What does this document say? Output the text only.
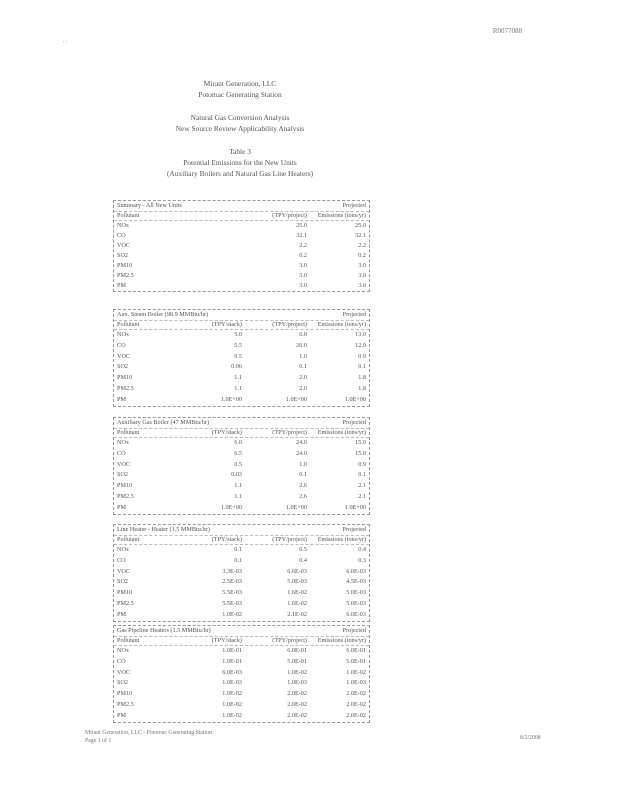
R0077088
' '
Mirant Generation, LLC
Potomac Generating Station
Natural Gas Conversion Analysis
New Source Review Applicability Analysis
Table 3
Potential Emissions for the New Units
(Auxiliary Boilers and Natural Gas Line Heaters)
Summary - All New Units	Projected
Pollutant	(TPY/project)	Emissions (tons/yr)
NOx	25.0	25.0
CO	32.1	32.1
VOC	2.2	2.2
SO2	0.2	0.2
PM10	3.0	3.0
PM2.5	3.0	3.0
PM	3.0	3.0
Aux. Steam Boiler (98.9 MMBtu/hr)	Projected
Pollutant	(TPY/stack)	(TPY/project)	Emissions (tons/yr)
NOx	5.0	6.0	13.0
CO	5.5	20.0	12.9
VOC	0.5	1.0	0.9
SO2	0.06	0.1	0.1
PM10	1.1	2.0	1.8
PM2.5	1.1	2.0	1.8
PM	1.0E+00	1.0E+00	1.0E+00
Auxiliary Gas Boiler (47 MMBtu/hr)	Projected
Pollutant	(TPY/stack)	(TPY/project)	Emissions (tons/yr)
NOx	6.0	24.0	15.0
CO	6.5	24.0	15.0
VOC	0.5	1.0	0.9
SO2	0.03	0.1	0.1
PM10	1.1	2.6	2.1
PM2.5	1.1	2.6	2.1
PM	1.0E+00	1.0E+00	1.0E+00
Line Heater - Heater (1.5 MMBtu/hr)	Projected
Pollutant	(TPY/stack)	(TPY/project)	Emissions (tons/yr)
NOx	0.1	0.5	0.4
CO	0.1	0.4	0.3
VOC	3.3E-03	6.6E-03	6.0E-03
SO2	2.5E-03	5.0E-03	4.5E-03
PM10	5.5E-03	1.6E-02	5.0E-03
PM2.5	5.5E-03	1.6E-02	5.0E-03
PM	1.0E-02	2.1E-02	6.0E-03
Gas Pipeline Heaters (1.5 MMBtu/hr)	Projected
Pollutant	(TPY/stack)	(TPY/project)	Emissions (tons/yr)
NOx	1.0E-01	6.0E-01	6.0E-01
CO	1.0E-01	5.0E-01	5.0E-01
VOC	6.0E-03	1.0E-02	1.0E-02
SO2	1.0E-03	1.0E-03	1.0E-03
PM10	1.0E-02	2.0E-02	2.0E-02
PM2.5	1.0E-02	2.0E-02	2.0E-02
PM	1.0E-02	2.0E-02	2.0E-02
Mirant Generation, LLC - Potomac Generating Station
Page 1 of 1	8/2/2008
